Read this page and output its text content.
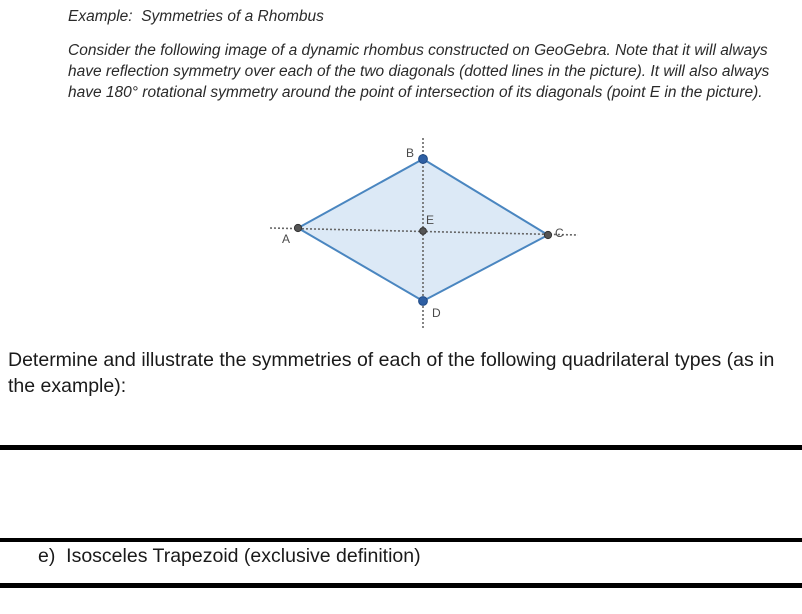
Example:  Symmetries of a Rhombus
Consider the following image of a dynamic rhombus constructed on GeoGebra. Note that it will always have reflection symmetry over each of the two diagonals (dotted lines in the picture). It will also always have 180° rotational symmetry around the point of intersection of its diagonals (point E in the picture).
A
B
C
D
E
Determine and illustrate the symmetries of each of the following quadrilateral types (as in the example):
e)  Isosceles Trapezoid (exclusive definition)
